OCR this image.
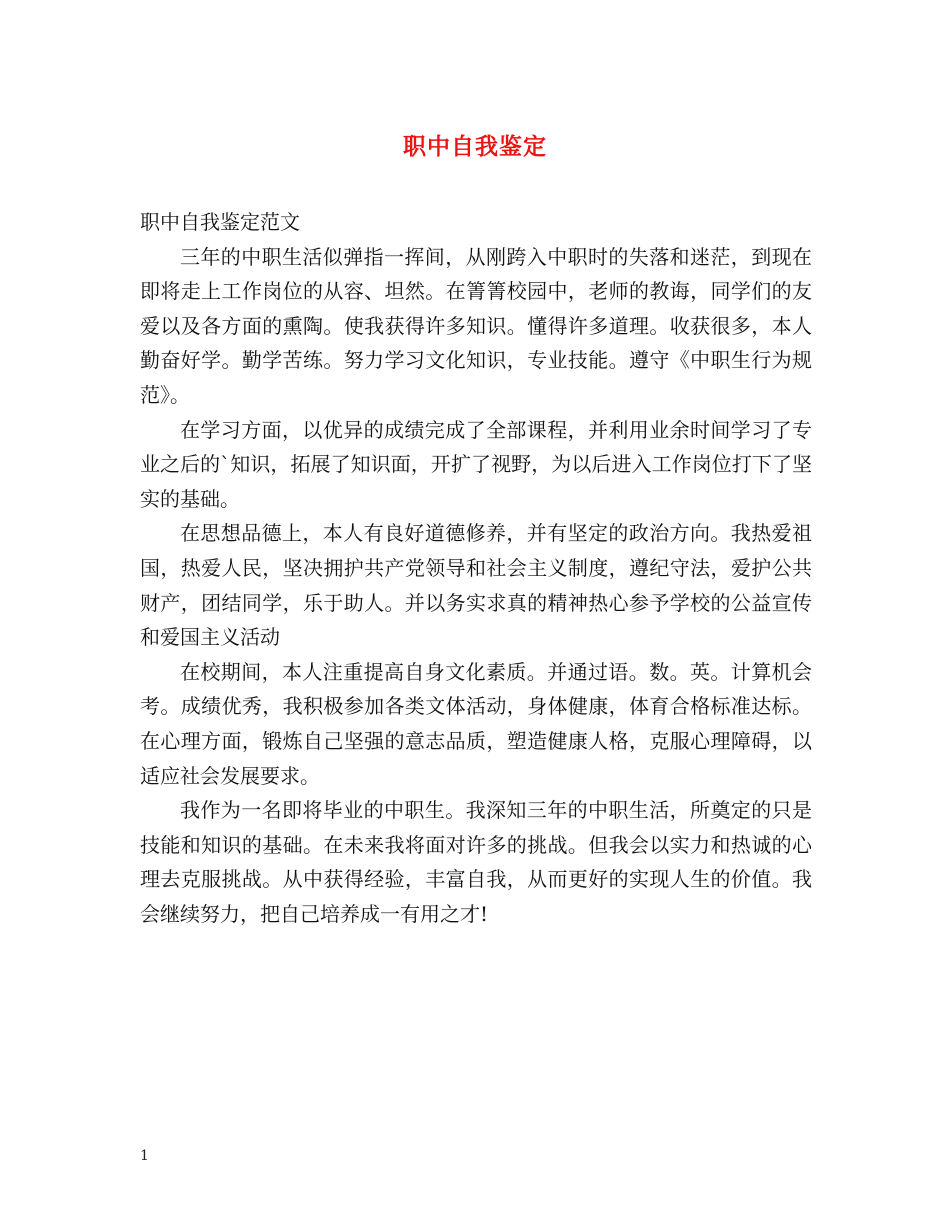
职中自我鉴定

职中自我鉴定范文

三年的中职生活似弹指一挥间，从刚跨入中职时的失落和迷茫，到现在即将走上工作岗位的从容、坦然。在箐箐校园中，老师的教诲，同学们的友爱以及各方面的熏陶。使我获得许多知识。懂得许多道理。收获很多，本人勤奋好学。勤学苦练。努力学习文化知识，专业技能。遵守《中职生行为规范》。

在学习方面，以优异的成绩完成了全部课程，并利用业余时间学习了专业之后的`知识，拓展了知识面，开扩了视野，为以后进入工作岗位打下了坚实的基础。

在思想品德上，本人有良好道德修养，并有坚定的政治方向。我热爱祖国，热爱人民，坚决拥护共产党领导和社会主义制度，遵纪守法，爱护公共财产，团结同学，乐于助人。并以务实求真的精神热心参予学校的公益宣传和爱国主义活动

在校期间，本人注重提高自身文化素质。并通过语。数。英。计算机会考。成绩优秀，我积极参加各类文体活动，身体健康，体育合格标准达标。在心理方面，锻炼自己坚强的意志品质，塑造健康人格，克服心理障碍，以适应社会发展要求。

我作为一名即将毕业的中职生。我深知三年的中职生活，所奠定的只是技能和知识的基础。在未来我将面对许多的挑战。但我会以实力和热诚的心理去克服挑战。从中获得经验，丰富自我，从而更好的实现人生的价值。我会继续努力，把自己培养成一有用之才!

1
